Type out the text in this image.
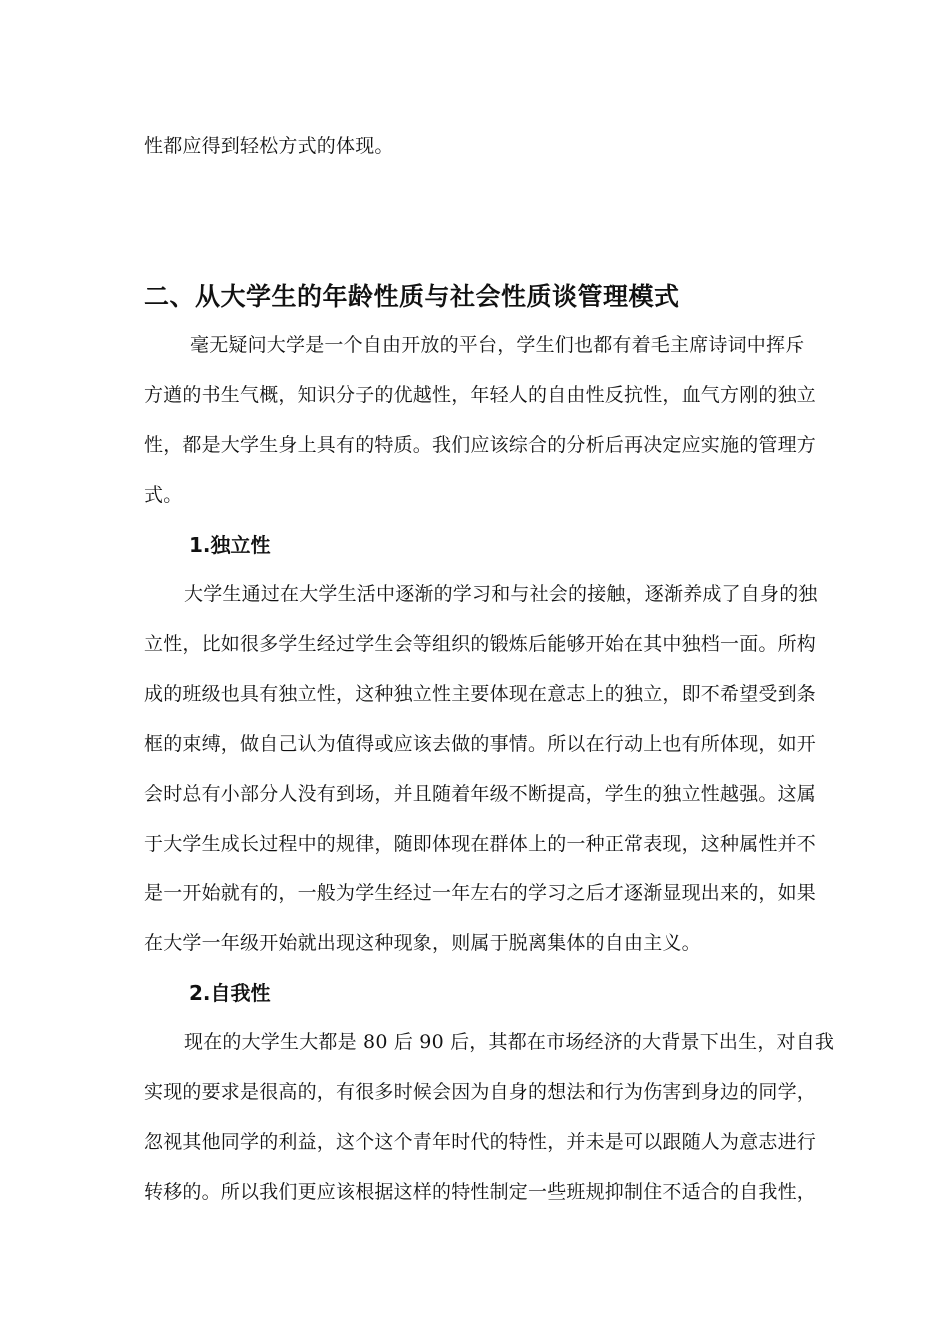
性都应得到轻松方式的体现。
二、从大学生的年龄性质与社会性质谈管理模式
毫无疑问大学是一个自由开放的平台，学生们也都有着毛主席诗词中挥斥
方遒的书生气概，知识分子的优越性，年轻人的自由性反抗性，血气方刚的独立
性，都是大学生身上具有的特质。我们应该综合的分析后再决定应实施的管理方
式。
1.独立性
大学生通过在大学生活中逐渐的学习和与社会的接触，逐渐养成了自身的独
立性，比如很多学生经过学生会等组织的锻炼后能够开始在其中独档一面。所构
成的班级也具有独立性，这种独立性主要体现在意志上的独立，即不希望受到条
框的束缚，做自己认为值得或应该去做的事情。所以在行动上也有所体现，如开
会时总有小部分人没有到场，并且随着年级不断提高，学生的独立性越强。这属
于大学生成长过程中的规律，随即体现在群体上的一种正常表现，这种属性并不
是一开始就有的，一般为学生经过一年左右的学习之后才逐渐显现出来的，如果
在大学一年级开始就出现这种现象，则属于脱离集体的自由主义。
2.自我性
现在的大学生大都是 80 后 90 后，其都在市场经济的大背景下出生，对自我
实现的要求是很高的，有很多时候会因为自身的想法和行为伤害到身边的同学，
忽视其他同学的利益，这个这个青年时代的特性，并未是可以跟随人为意志进行
转移的。所以我们更应该根据这样的特性制定一些班规抑制住不适合的自我性，
